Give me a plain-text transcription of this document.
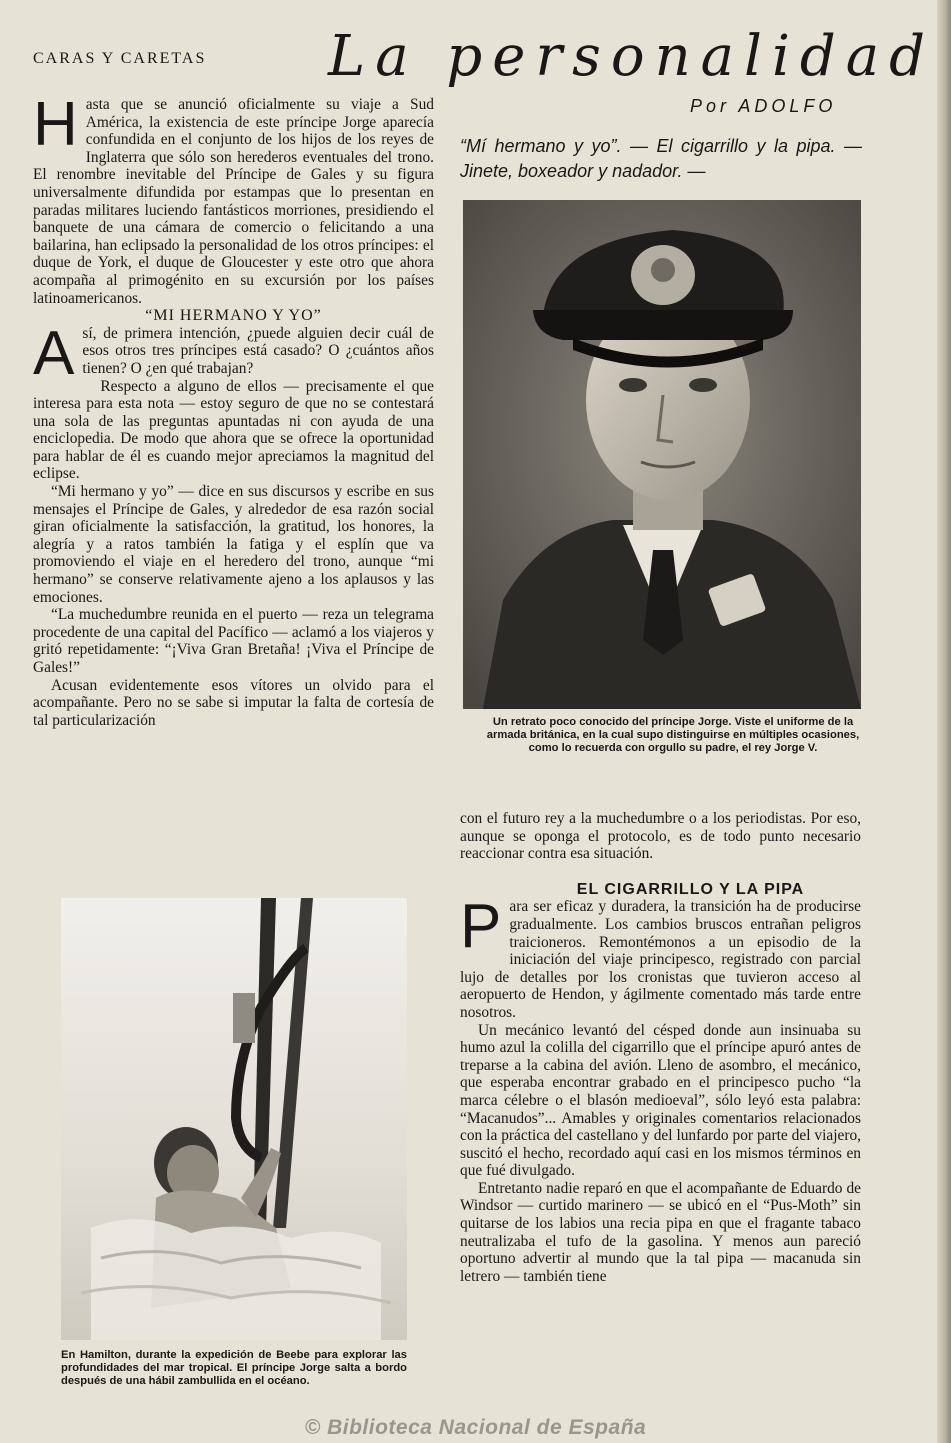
CARAS Y CARETAS La personalidad
Por ADOLFO
“Mí hermano y yo”. — El cigarrillo y la pipa. — Jinete, boxeador y nadador. —

Hasta que se anunció oficialmente su viaje a Sud América, la existencia de este príncipe Jorge aparecía confundida en el conjunto de los hijos de los reyes de Inglaterra que sólo son herederos eventuales del trono. El renombre inevitable del Príncipe de Gales y su figura universalmente difundida por estampas que lo presentan en paradas militares luciendo fantásticos morriones, presidiendo el banquete de una cámara de comercio o felicitando a una bailarina, han eclipsado la personalidad de los otros príncipes: el duque de York, el duque de Gloucester y este otro que ahora acompaña al primogénito en su excursión por los países latinoamericanos.

“MI HERMANO Y YO”

Así, de primera intención, ¿puede alguien decir cuál de esos otros tres príncipes está casado? O ¿cuántos años tienen? O ¿en qué trabajan?

Respecto a alguno de ellos — precisamente el que interesa para esta nota — estoy seguro de que no se contestará una sola de las preguntas apuntadas ni con ayuda de una enciclopedia. De modo que ahora que se ofrece la oportunidad para hablar de él es cuando mejor apreciamos la magnitud del eclipse.

“Mi hermano y yo” — dice en sus discursos y escribe en sus mensajes el Príncipe de Gales, y alrededor de esa razón social giran oficialmente la satisfacción, la gratitud, los honores, la alegría y a ratos también la fatiga y el esplín que va promoviendo el viaje en el heredero del trono, aunque “mi hermano” se conserve relativamente ajeno a los aplausos y las emociones.

“La muchedumbre reunida en el puerto — reza un telegrama procedente de una capital del Pacífico — aclamó a los viajeros y gritó repetidamente: “¡Viva Gran Bretaña! ¡Viva el Príncipe de Gales!”

Acusan evidentemente esos vítores un olvido para el acompañante. Pero no se sabe si imputar la falta de cortesía de tal particularización	Un retrato poco conocido del príncipe Jorge. Viste el uniforme de la armada británica, en la cual supo distinguirse en múltiples ocasiones, como lo recuerda con orgullo su padre, el rey Jorge V.

con el futuro rey a la muchedumbre o a los periodistas. Por eso, aunque se oponga el protocolo, es de todo punto necesario reaccionar contra esa situación.

EL CIGARRILLO Y LA PIPA

Para ser eficaz y duradera, la transición ha de producirse gradualmente. Los cambios bruscos entrañan peligros traicioneros. Remontémonos a un episodio de la iniciación del viaje principesco, registrado con parcial lujo de detalles por los cronistas que tuvieron acceso al aeropuerto de Hendon, y ágilmente comentado más tarde entre nosotros.

Un mecánico levantó del césped donde aun insinuaba su humo azul la colilla del cigarrillo que el príncipe apuró antes de treparse a la cabina del avión. Lleno de asombro, el mecánico, que esperaba encontrar grabado en el principesco pucho “la marca célebre o el blasón medioeval”, sólo leyó esta palabra: “Macanudos”... Amables y originales comentarios relacionados con la práctica del castellano y del lunfardo por parte del viajero, suscitó el hecho, recordado aquí casi en los mismos términos en que fué divulgado.

Entretanto nadie reparó en que el acompañante de Eduardo de Windsor — curtido marinero — se ubicó en el “Pus-Moth” sin quitarse de los labios una recia pipa en que el fragante tabaco neutralizaba el tufo de la gasolina. Y menos aun pareció oportuno advertir al mundo que la tal pipa — macanuda sin letrero — también tiene

En Hamilton, durante la expedición de Beebe para explorar las profundidades del mar tropical. El príncipe Jorge salta a bordo después de una hábil zambullida en el océano.
© Biblioteca Nacional de España
